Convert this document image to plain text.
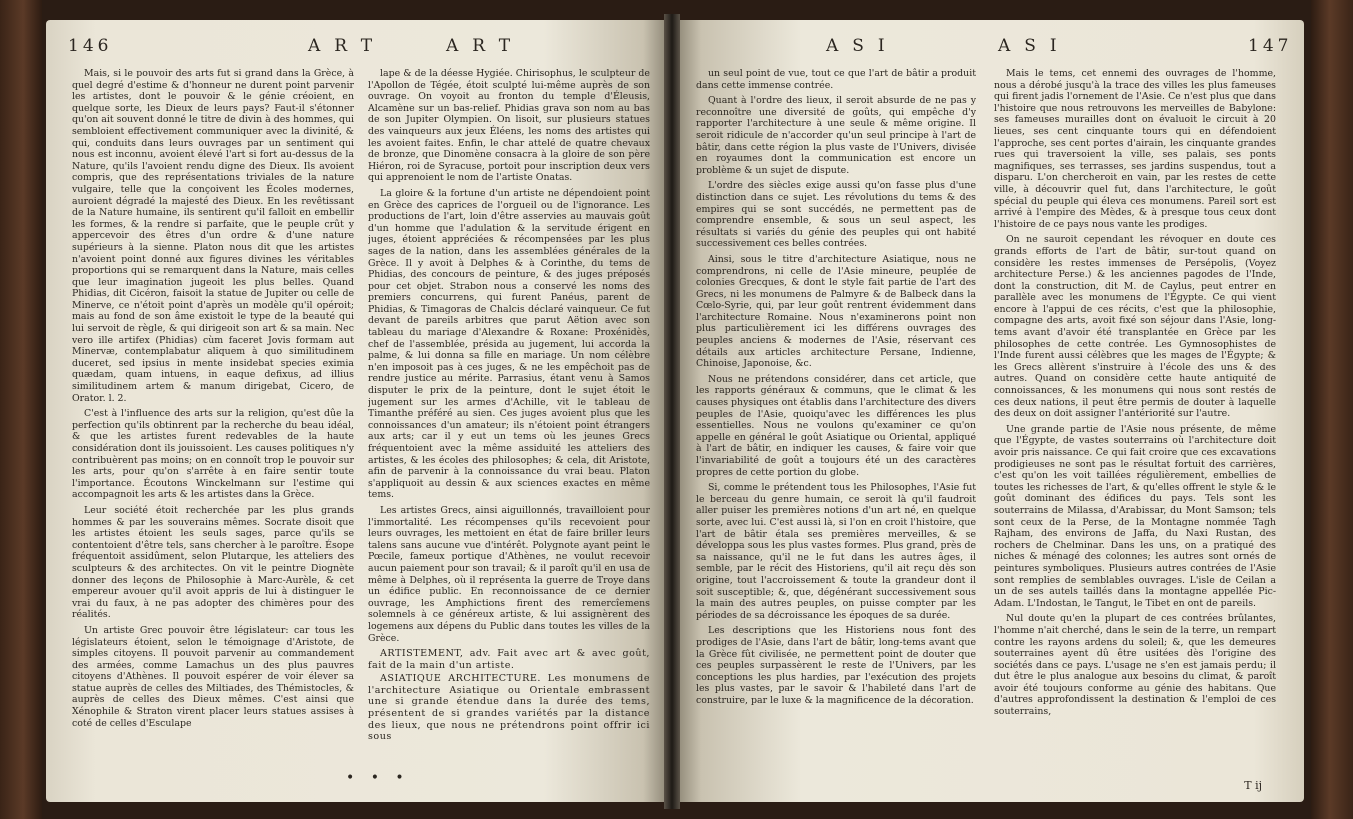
146	ART	ART

Mais, si le pouvoir des arts fut si grand dans la Grèce, à quel degré d'estime & d'honneur ne durent point parvenir les artistes, dont le pouvoir & le génie créoient, en quelque sorte, les Dieux de leurs pays? Faut-il s'étonner qu'on ait souvent donné le titre de divin à des hommes, qui sembloient effectivement communiquer avec la divinité, & qui, conduits dans leurs ouvrages par un sentiment qui nous est inconnu, avoient élevé l'art si fort au-dessus de la Nature, qu'ils l'avoient rendu digne des Dieux. Ils avoient compris, que des représentations triviales de la nature vulgaire, telle que la conçoivent les Écoles modernes, auroient dégradé la majesté des Dieux. En les revêtissant de la Nature humaine, ils sentirent qu'il falloit en embellir les formes, & la rendre si parfaite, que le peuple crût y appercevoir des êtres d'un ordre & d'une nature supérieurs à la sienne. Platon nous dit que les artistes n'avoient point donné aux figures divines les véritables proportions qui se remarquent dans la Nature, mais celles que leur imagination jugeoit les plus belles. Quand Phidias, dit Cicéron, faisoit la statue de Jupiter ou celle de Minerve, ce n'étoit point d'après un modèle qu'il opéroit; mais au fond de son âme existoit le type de la beauté qui lui servoit de règle, & qui dirigeoit son art & sa main. Nec vero ille artifex (Phidias) cùm faceret Jovis formam aut Minervæ, contemplabatur aliquem à quo similitudinem duceret, sed ipsius in mente insidebat species eximia quædam, quam intuens, in eaque defixus, ad illius similitudinem artem & manum dirigebat, Cicero, de Orator. l. 2.

C'est à l'influence des arts sur la religion, qu'est dûe la perfection qu'ils obtinrent par la recherche du beau idéal, & que les artistes furent redevables de la haute considération dont ils jouissoient. Les causes politiques n'y contribuèrent pas moins; on en connoît trop le pouvoir sur les arts, pour qu'on s'arrête à en faire sentir toute l'importance. Écoutons Winckelmann sur l'estime qui accompagnoit les arts & les artistes dans la Grèce.

Leur société étoit recherchée par les plus grands hommes & par les souverains mêmes. Socrate disoit que les artistes étoient les seuls sages, parce qu'ils se contentoient d'être tels, sans chercher à le paroître. Ésope fréquentoit assidûment, selon Plutarque, les atteliers des sculpteurs & des architectes. On vit le peintre Diognète donner des leçons de Philosophie à Marc-Aurèle, & cet empereur avouer qu'il avoit appris de lui à distinguer le vrai du faux, à ne pas adopter des chimères pour des réalités.

Un artiste Grec pouvoir être législateur: car tous les législateurs étoient, selon le témoignage d'Aristote, de simples citoyens. Il pouvoit parvenir au commandement des armées, comme Lamachus un des plus pauvres citoyens d'Athènes. Il pouvoit espérer de voir élever sa statue auprès de celles des Miltiades, des Thémistocles, & auprès de celles des Dieux mêmes. C'est ainsi que Xénophile & Straton virent placer leurs statues assises à coté de celles d'Esculape

lape & de la déesse Hygiée. Chirisophus, le sculpteur de l'Apollon de Tégée, étoit sculpté lui-même auprès de son ouvrage. On voyoit au fronton du temple d'Éleusis, Alcamène sur un bas-relief. Phidias grava son nom au bas de son Jupiter Olympien. On lisoit, sur plusieurs statues des vainqueurs aux jeux Éléens, les noms des artistes qui les avoient faites. Enfin, le char attelé de quatre chevaux de bronze, que Dinomène consacra à la gloire de son père Hiéron, roi de Syracuse, portoit pour inscription deux vers qui apprenoient le nom de l'artiste Onatas.

La gloire & la fortune d'un artiste ne dépendoient point en Grèce des caprices de l'orgueil ou de l'ignorance. Les productions de l'art, loin d'être asservies au mauvais goût d'un homme que l'adulation & la servitude érigent en juges, étoient appréciées & récompensées par les plus sages de la nation, dans les assemblées générales de la Grèce. Il y avoit à Delphes & à Corinthe, du tems de Phidias, des concours de peinture, & des juges préposés pour cet objet. Strabon nous a conservé les noms des premiers concurrens, qui furent Panéus, parent de Phidias, & Timagoras de Chalcis déclaré vainqueur. Ce fut devant de pareils arbitres que parut Aëtion avec son tableau du mariage d'Alexandre & Roxane: Proxénidès, chef de l'assemblée, présida au jugement, lui accorda la palme, & lui donna sa fille en mariage. Un nom célèbre n'en imposoit pas à ces juges, & ne les empêchoit pas de rendre justice au mérite. Parrasius, étant venu à Samos disputer le prix de la peinture, dont le sujet étoit le jugement sur les armes d'Achille, vit le tableau de Timanthe préféré au sien. Ces juges avoient plus que les connoissances d'un amateur; ils n'étoient point étrangers aux arts; car il y eut un tems où les jeunes Grecs fréquentoient avec la même assiduité les atteliers des artistes, & les écoles des philosophes; & cela, dit Aristote, afin de parvenir à la connoissance du vrai beau. Platon s'appliquoit au dessin & aux sciences exactes en même tems.

Les artistes Grecs, ainsi aiguillonnés, travailloient pour l'immortalité. Les récompenses qu'ils recevoient pour leurs ouvrages, les mettoient en état de faire briller leurs talens sans aucune vue d'intérêt. Polygnote ayant peint le Pœcile, fameux portique d'Athènes, ne voulut recevoir aucun paiement pour son travail; & il paroît qu'il en usa de même à Delphes, où il représenta la guerre de Troye dans un édifice public. En reconnoissance de ce dernier ouvrage, les Amphictions firent des remercîemens solemnels à ce généreux artiste, & lui assignèrent des logemens aux dépens du Public dans toutes les villes de la Grèce.

ARTISTEMENT, adv. Fait avec art & avec goût, fait de la main d'un artiste.
ASIATIQUE ARCHITECTURE. Les monumens de l'architecture Asiatique ou Orientale embrassent une si grande étendue dans la durée des tems, présentent de si grandes variétés par la distance des lieux, que nous ne prétendrons point offrir ici sous
• • •
ASI	ASI	147

un seul point de vue, tout ce que l'art de bâtir a produit dans cette immense contrée.

Quant à l'ordre des lieux, il seroit absurde de ne pas y reconnoître une diversité de goûts, qui empêche d'y rapporter l'architecture à une seule & même origine. Il seroit ridicule de n'accorder qu'un seul principe à l'art de bâtir, dans cette région la plus vaste de l'Univers, divisée en royaumes dont la communication est encore un problème & un sujet de dispute.

L'ordre des siècles exige aussi qu'on fasse plus d'une distinction dans ce sujet. Les révolutions du tems & des empires qui se sont succédés, ne permettent pas de comprendre ensemble, & sous un seul aspect, les résultats si variés du génie des peuples qui ont habité successivement ces belles contrées.

Ainsi, sous le titre d'architecture Asiatique, nous ne comprendrons, ni celle de l'Asie mineure, peuplée de colonies Grecques, & dont le style fait partie de l'art des Grecs, ni les monumens de Palmyre & de Balbeck dans la Cœlo-Syrie, qui, par leur goût rentrent évidemment dans l'architecture Romaine. Nous n'examinerons point non plus particulièrement ici les différens ouvrages des peuples anciens & modernes de l'Asie, réservant ces détails aux articles architecture Persane, Indienne, Chinoise, Japonoise, &c.

Nous ne prétendons considérer, dans cet article, que les rapports généraux & communs, que le climat & les causes physiques ont établis dans l'architecture des divers peuples de l'Asie, quoiqu'avec les différences les plus essentielles. Nous ne voulons qu'examiner ce qu'on appelle en général le goût Asiatique ou Oriental, appliqué à l'art de bâtir, en indiquer les causes, & faire voir que l'invariabilité de goût a toujours été un des caractères propres de cette portion du globe.

Si, comme le prétendent tous les Philosophes, l'Asie fut le berceau du genre humain, ce seroit là qu'il faudroit aller puiser les premières notions d'un art né, en quelque sorte, avec lui. C'est aussi là, si l'on en croit l'histoire, que l'art de bâtir étala ses premières merveilles, & se développa sous les plus vastes formes. Plus grand, près de sa naissance, qu'il ne le fut dans les autres âges, il semble, par le récit des Historiens, qu'il ait reçu dès son origine, tout l'accroissement & toute la grandeur dont il soit susceptible; &, que, dégénérant successivement sous la main des autres peuples, on puisse compter par les périodes de sa décroissance les époques de sa durée.

Les descriptions que les Historiens nous font des prodiges de l'Asie, dans l'art de bâtir, long-tems avant que la Grèce fût civilisée, ne permettent point de douter que ces peuples surpassèrent le reste de l'Univers, par les conceptions les plus hardies, par l'exécution des projets les plus vastes, par le savoir & l'habileté dans l'art de construire, par le luxe & la magnificence de la décoration.

Mais le tems, cet ennemi des ouvrages de l'homme, nous a dérobé jusqu'à la trace des villes les plus fameuses qui firent jadis l'ornement de l'Asie. Ce n'est plus que dans l'histoire que nous retrouvons les merveilles de Babylone: ses fameuses murailles dont on évaluoit le circuit à 20 lieues, ses cent cinquante tours qui en défendoient l'approche, ses cent portes d'airain, les cinquante grandes rues qui traversoient la ville, ses palais, ses ponts magnifiques, ses terrasses, ses jardins suspendus, tout a disparu. L'on chercheroit en vain, par les restes de cette ville, à découvrir quel fut, dans l'architecture, le goût spécial du peuple qui éleva ces monumens. Pareil sort est arrivé à l'empire des Mèdes, & à presque tous ceux dont l'histoire de ce pays nous vante les prodiges.

On ne sauroit cependant les révoquer en doute ces grands efforts de l'art de bâtir, sur-tout quand on considère les restes immenses de Persépolis, (Voyez architecture Perse.) & les anciennes pagodes de l'Inde, dont la construction, dit M. de Caylus, peut entrer en parallèle avec les monumens de l'Égypte. Ce qui vient encore à l'appui de ces récits, c'est que la philosophie, compagne des arts, avoit fixé son séjour dans l'Asie, long-tems avant d'avoir été transplantée en Grèce par les philosophes de cette contrée. Les Gymnosophistes de l'Inde furent aussi célèbres que les mages de l'Égypte; & les Grecs allèrent s'instruire à l'école des uns & des autres. Quand on considère cette haute antiquité de connoissances, & les monumens qui nous sont restés de ces deux nations, il peut être permis de douter à laquelle des deux on doit assigner l'antériorité sur l'autre.

Une grande partie de l'Asie nous présente, de même que l'Égypte, de vastes souterrains où l'architecture doit avoir pris naissance. Ce qui fait croire que ces excavations prodigieuses ne sont pas le résultat fortuit des carrières, c'est qu'on les voit taillées régulièrement, embellies de toutes les richesses de l'art, & qu'elles offrent le style & le goût dominant des édifices du pays. Tels sont les souterrains de Milassa, d'Arabissar, du Mont Samson; tels sont ceux de la Perse, de la Montagne nommée Tagh Rajham, des environs de Jaffa, du Naxi Rustan, des rochers de Chelminar. Dans les uns, on a pratiqué des niches & ménagé des colonnes; les autres sont ornés de peintures symboliques. Plusieurs autres contrées de l'Asie sont remplies de semblables ouvrages. L'isle de Ceilan a un de ses autels taillés dans la montagne appellée Pic-Adam. L'Indostan, le Tangut, le Tibet en ont de pareils.

Nul doute qu'en la plupart de ces contrées brûlantes, l'homme n'ait cherché, dans le sein de la terre, un rempart contre les rayons ardens du soleil; &, que les demeures souterraines ayent dû être usitées dès l'origine des sociétés dans ce pays. L'usage ne s'en est jamais perdu; il dut être le plus analogue aux besoins du climat, & paroît avoir été toujours conforme au génie des habitans. Que d'autres approfondissent la destination & l'emploi de ces souterrains,

T ij
